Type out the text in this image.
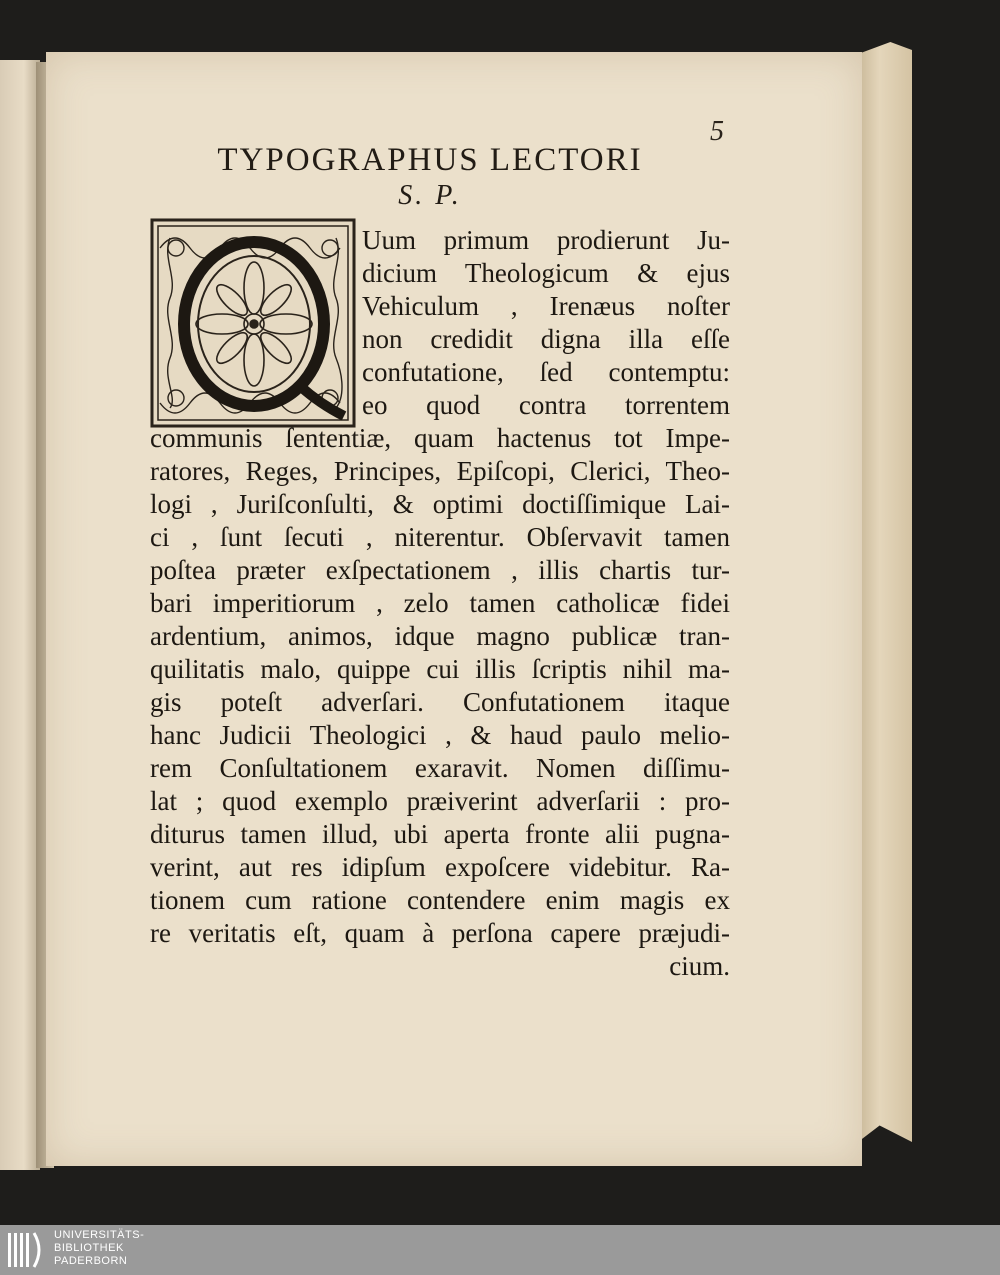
5
TYPOGRAPHUS LECTORI
S. P.
Uum primum prodierunt Ju-
dicium Theologicum & ejus
Vehiculum , Irenæus noſter
non credidit digna illa eſſe
confutatione, ſed contemptu:
eo quod contra torrentem
communis ſententiæ, quam hactenus tot Impe-
ratores, Reges, Principes, Epiſcopi, Clerici, Theo-
logi , Juriſconſulti, & optimi doctiſſimique Lai-
ci , ſunt ſecuti , niterentur. Obſervavit tamen
poſtea præter exſpectationem , illis chartis tur-
bari imperitiorum , zelo tamen catholicæ fidei
ardentium, animos, idque magno publicæ tran-
quilitatis malo, quippe cui illis ſcriptis nihil ma-
gis poteſt adverſari. Confutationem itaque
hanc Judicii Theologici , & haud paulo melio-
rem Conſultationem exaravit. Nomen diſſimu-
lat ; quod exemplo præiverint adverſarii : pro-
diturus tamen illud, ubi aperta fronte alii pugna-
verint, aut res idipſum expoſcere videbitur. Ra-
tionem cum ratione contendere enim magis ex
re veritatis eſt, quam à perſona capere præjudi-
cium.
UNIVERSITÄTS-
BIBLIOTHEK
PADERBORN
